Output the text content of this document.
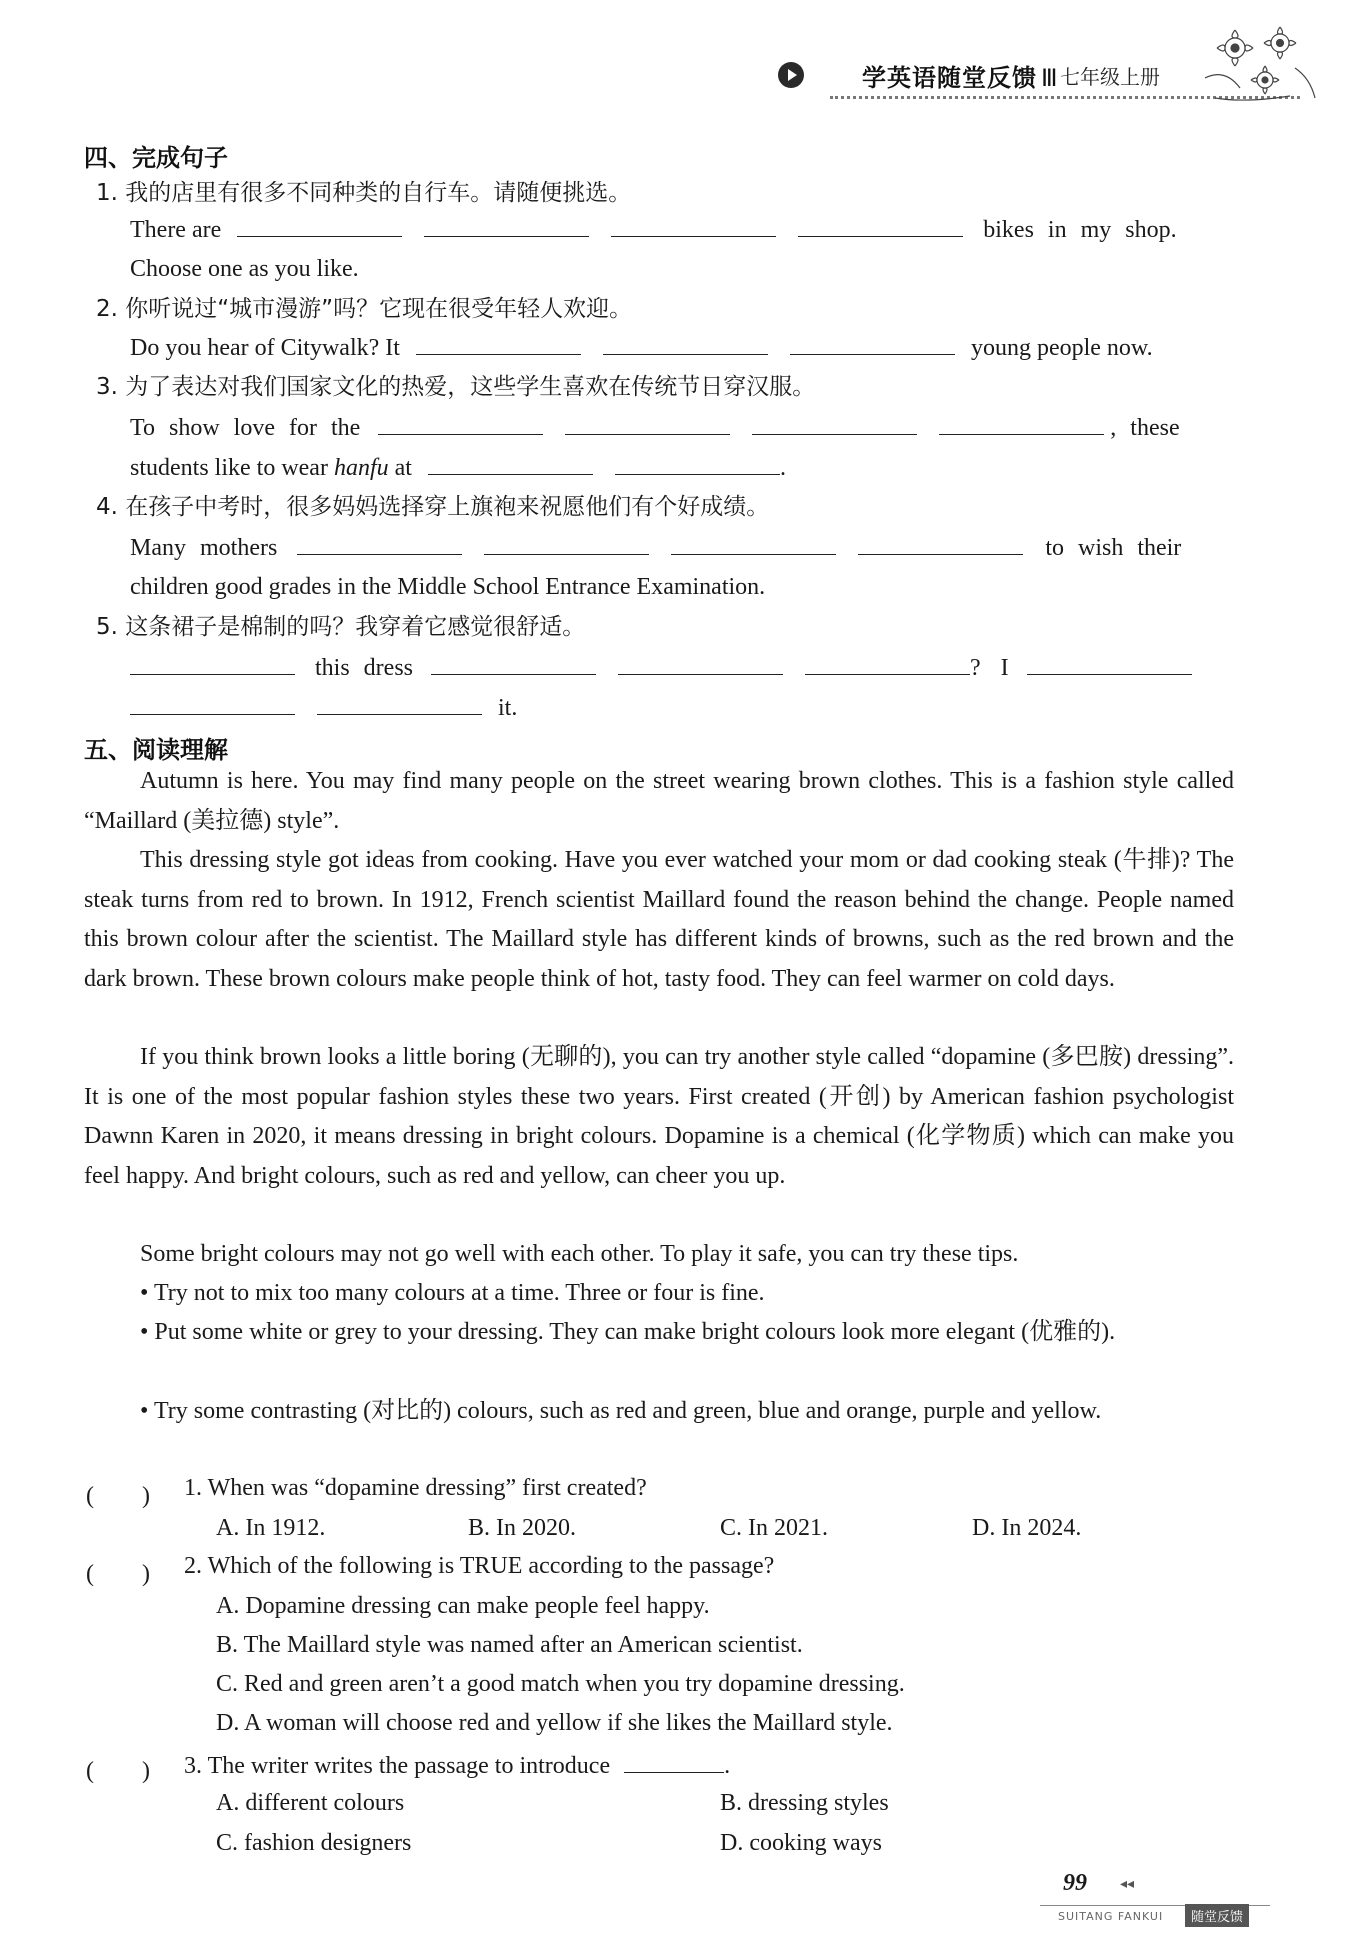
学英语随堂反馈 Ⅲ 七年级上册
四、完成句子
1. 我的店里有很多不同种类的自行车。请随便挑选。
There are	bikes in my shop.
Choose one as you like.
2. 你听说过“城市漫游”吗？它现在很受年轻人欢迎。
Do you hear of Citywalk? It	young people now.
3. 为了表达对我们国家文化的热爱，这些学生喜欢在传统节日穿汉服。
To show love for the	, these
students like to wear hanfu at	.
4. 在孩子中考时，很多妈妈选择穿上旗袍来祝愿他们有个好成绩。
Many mothers	to wish their
children good grades in the Middle School Entrance Examination.
5. 这条裙子是棉制的吗？我穿着它感觉很舒适。
this dress	? I
it.
五、阅读理解
Autumn is here. You may find many people on the street wearing brown clothes. This is a fashion style called “Maillard (美拉德) style”.
This dressing style got ideas from cooking. Have you ever watched your mom or dad cooking steak (牛排)? The steak turns from red to brown. In 1912, French scientist Maillard found the reason behind the change. People named this brown colour after the scientist. The Maillard style has different kinds of browns, such as the red brown and the dark brown. These brown colours make people think of hot, tasty food. They can feel warmer on cold days.
If you think brown looks a little boring (无聊的), you can try another style called “dopamine (多巴胺) dressing”. It is one of the most popular fashion styles these two years. First created (开创) by American fashion psychologist Dawnn Karen in 2020, it means dressing in bright colours. Dopamine is a chemical (化学物质) which can make you feel happy. And bright colours, such as red and yellow, can cheer you up.
Some bright colours may not go well with each other. To play it safe, you can try these tips.
• Try not to mix too many colours at a time. Three or four is fine.
• Put some white or grey to your dressing. They can make bright colours look more elegant (优雅的).
• Try some contrasting (对比的) colours, such as red and green, blue and orange, purple and yellow.
(　　) 1. When was “dopamine dressing” first created?
A. In 1912.	B. In 2020.	C. In 2021.	D. In 2024.
(　　) 2. Which of the following is TRUE according to the passage?
A. Dopamine dressing can make people feel happy.
B. The Maillard style was named after an American scientist.
C. Red and green aren’t a good match when you try dopamine dressing.
D. A woman will choose red and yellow if she likes the Maillard style.
(　　) 3. The writer writes the passage to introduce	.
A. different colours	B. dressing styles
C. fashion designers	D. cooking ways
99 ◂◂
SUITANG FANKUI	随堂反馈
